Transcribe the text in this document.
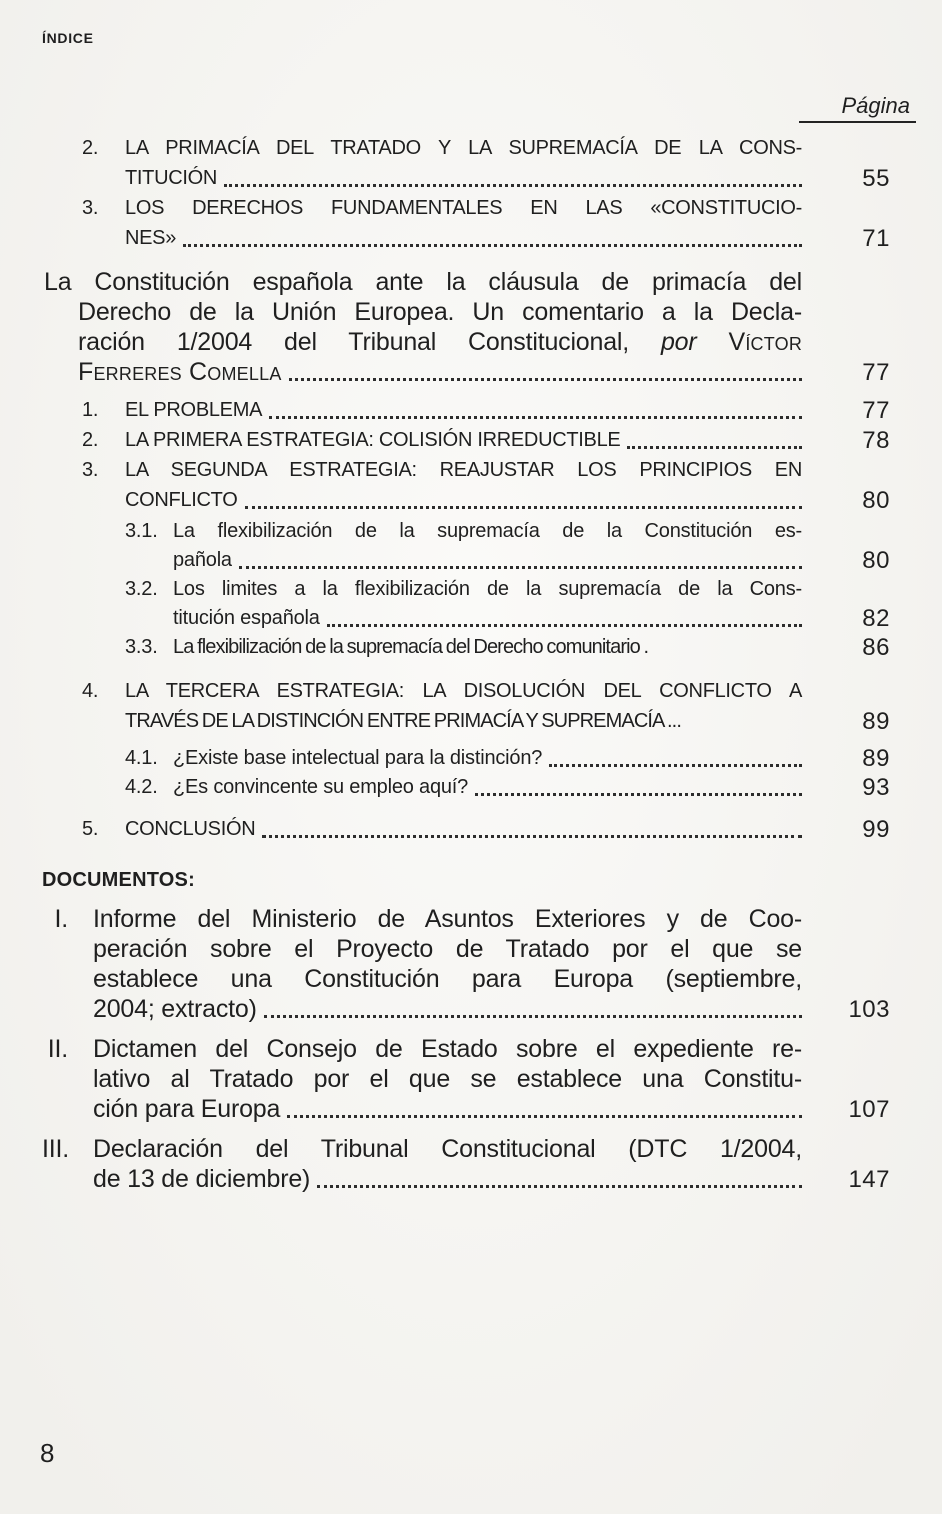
ÍNDICE
Página
2.	LA PRIMACÍA DEL TRATADO Y LA SUPREMACÍA DE LA CONS-
TITUCIÓN	55
3.	LOS DERECHOS FUNDAMENTALES EN LAS «CONSTITUCIO-
NES»	71
La Constitución española ante la cláusula de primacía del
Derecho de la Unión Europea. Un comentario a la Decla-
ración 1/2004 del Tribunal Constitucional, por Víctor
Ferreres Comella	77
1.	EL PROBLEMA	77
2.	LA PRIMERA ESTRATEGIA: COLISIÓN IRREDUCTIBLE	78
3.	LA SEGUNDA ESTRATEGIA: REAJUSTAR LOS PRINCIPIOS EN
CONFLICTO	80
3.1. La flexibilización de la supremacía de la Constitución es-
pañola	80
3.2. Los limites a la flexibilización de la supremacía de la Cons-
titución española	82
3.3. La flexibilización de la supremacía del Derecho comunitario .	86
4.	LA TERCERA ESTRATEGIA: LA DISOLUCIÓN DEL CONFLICTO A
TRAVÉS DE LA DISTINCIÓN ENTRE PRIMACÍA Y SUPREMACÍA ...	89
4.1. ¿Existe base intelectual para la distinción?	89
4.2. ¿Es convincente su empleo aquí?	93
5.	CONCLUSIÓN	99
DOCUMENTOS:
I. Informe del Ministerio de Asuntos Exteriores y de Coo-
peración sobre el Proyecto de Tratado por el que se
establece una Constitución para Europa (septiembre,
2004; extracto)	103
II. Dictamen del Consejo de Estado sobre el expediente re-
lativo al Tratado por el que se establece una Constitu-
ción para Europa	107
III. Declaración del Tribunal Constitucional (DTC 1/2004,
de 13 de diciembre)	147
8
